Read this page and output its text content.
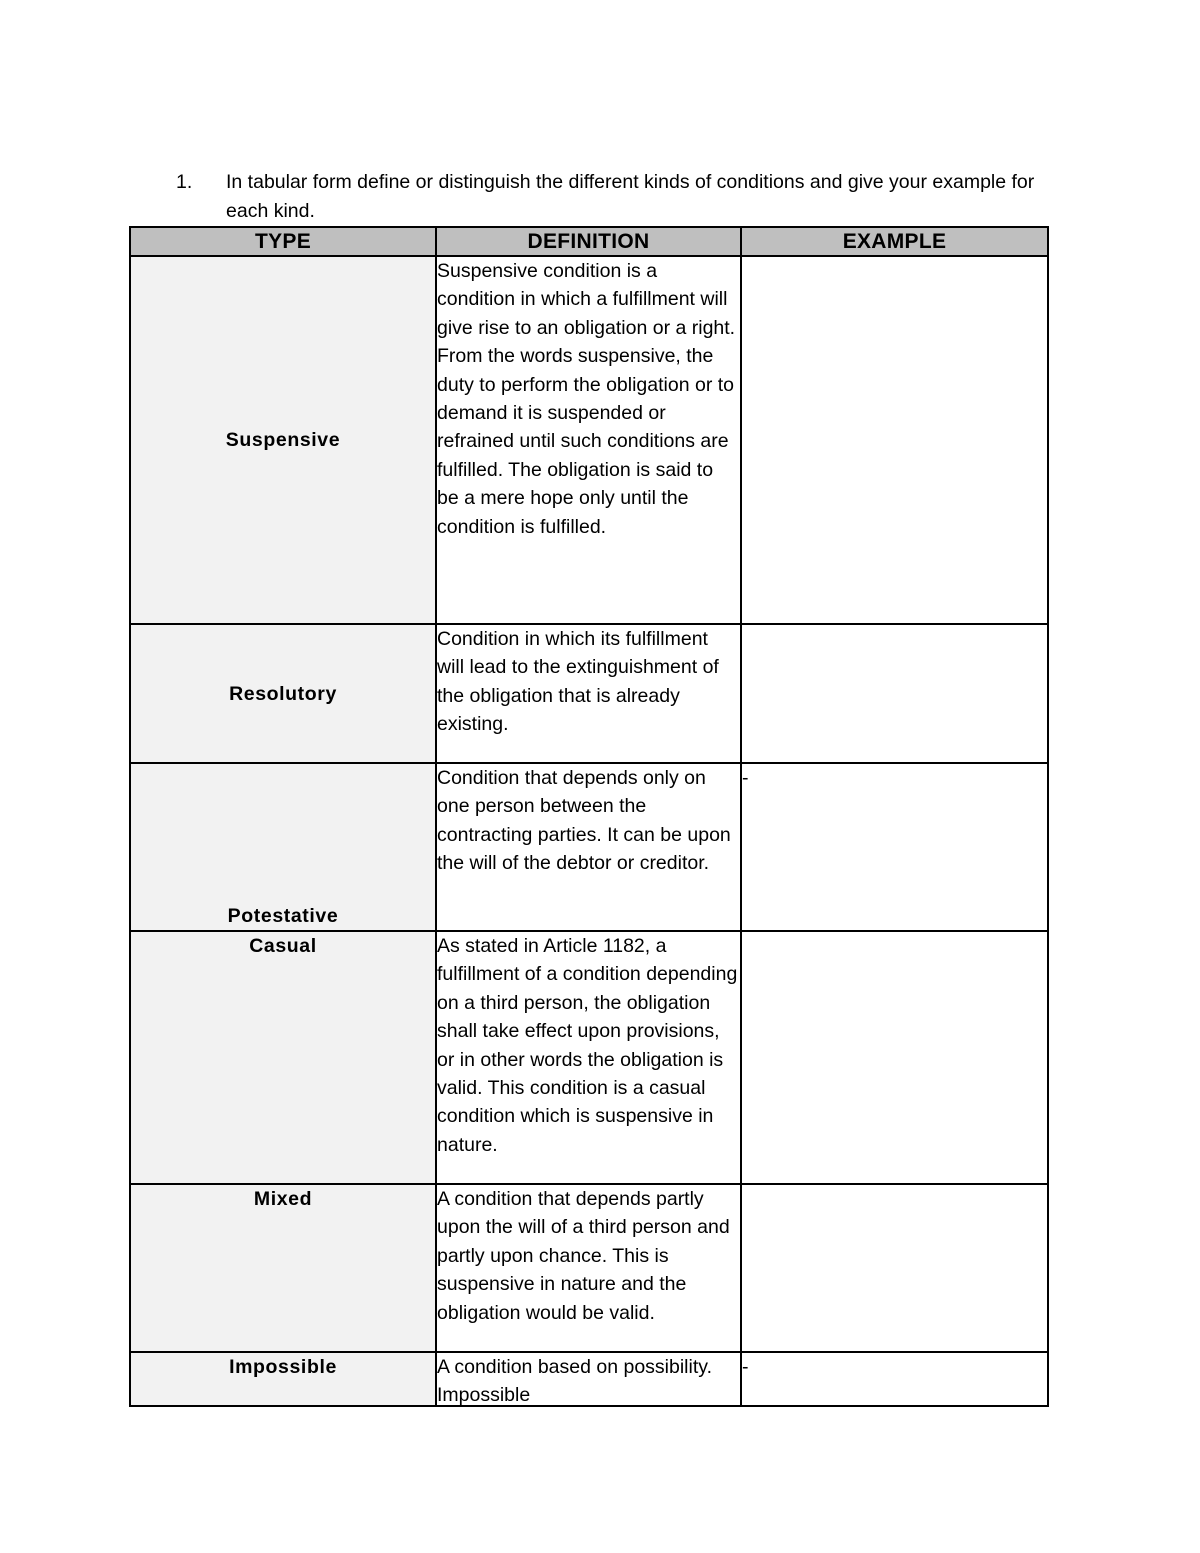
1. In tabular form define or distinguish the different kinds of conditions and give your example for each kind.
TYPE	DEFINITION	EXAMPLE

Suspensive	Suspensive condition is a condition in which a fulfillment will give rise to an obligation or a right. From the words suspensive, the duty to perform the obligation or to demand it is suspended or refrained until such conditions are fulfilled. The obligation is said to be a mere hope only until the condition is fulfilled.	

Resolutory	Condition in which its fulfillment will lead to the extinguishment of the obligation that is already existing.	

Potestative	Condition that depends only on one person between the contracting parties. It can be upon the will of the debtor or creditor.	-

Casual	As stated in Article 1182, a fulfillment of a condition depending on a third person, the obligation shall take effect upon provisions, or in other words the obligation is valid. This condition is a casual condition which is suspensive in nature.	

Mixed	A condition that depends partly upon the will of a third person and partly upon chance. This is suspensive in nature and the obligation would be valid.	

Impossible	A condition based on possibility. Impossible	-
